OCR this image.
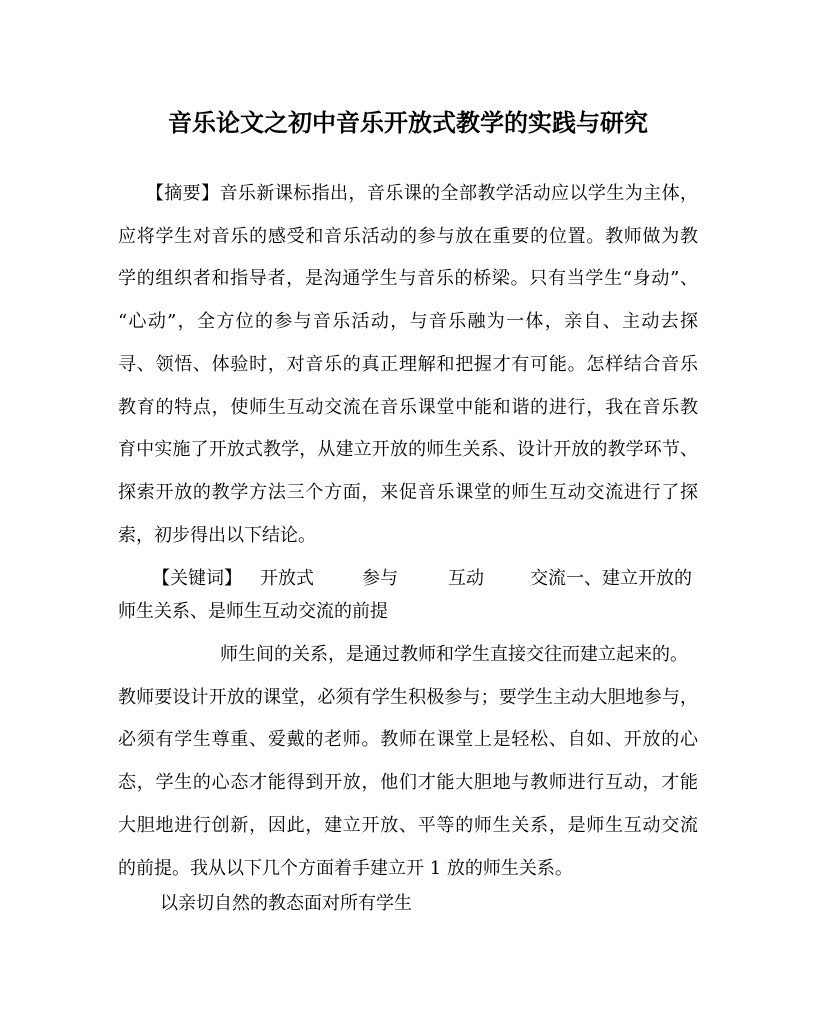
音乐论文之初中音乐开放式教学的实践与研究
　　【摘要】音乐新课标指出，音乐课的全部教学活动应以学生为主体，
应将学生对音乐的感受和音乐活动的参与放在重要的位置。教师做为教
学的组织者和指导者，是沟通学生与音乐的桥梁。只有当学生“身动”、
“心动”，全方位的参与音乐活动，与音乐融为一体，亲自、主动去探
寻、领悟、体验时，对音乐的真正理解和把握才有可能。怎样结合音乐
教育的特点，使师生互动交流在音乐课堂中能和谐的进行，我在音乐教
育中实施了开放式教学，从建立开放的师生关系、设计开放的教学环节、
探索开放的教学方法三个方面，来促音乐课堂的师生互动交流进行了探
索，初步得出以下结论。
【关键词】 开放式	参与	互动	交流一、建立开放的
师生关系、是师生互动交流的前提
师生间的关系，是通过教师和学生直接交往而建立起来的。
教师要设计开放的课堂，必须有学生积极参与；要学生主动大胆地参与，
必须有学生尊重、爱戴的老师。教师在课堂上是轻松、自如、开放的心
态，学生的心态才能得到开放，他们才能大胆地与教师进行互动，才能
大胆地进行创新，因此，建立开放、平等的师生关系，是师生互动交流
的前提。我从以下几个方面着手建立开 1 放的师生关系。
以亲切自然的教态面对所有学生
